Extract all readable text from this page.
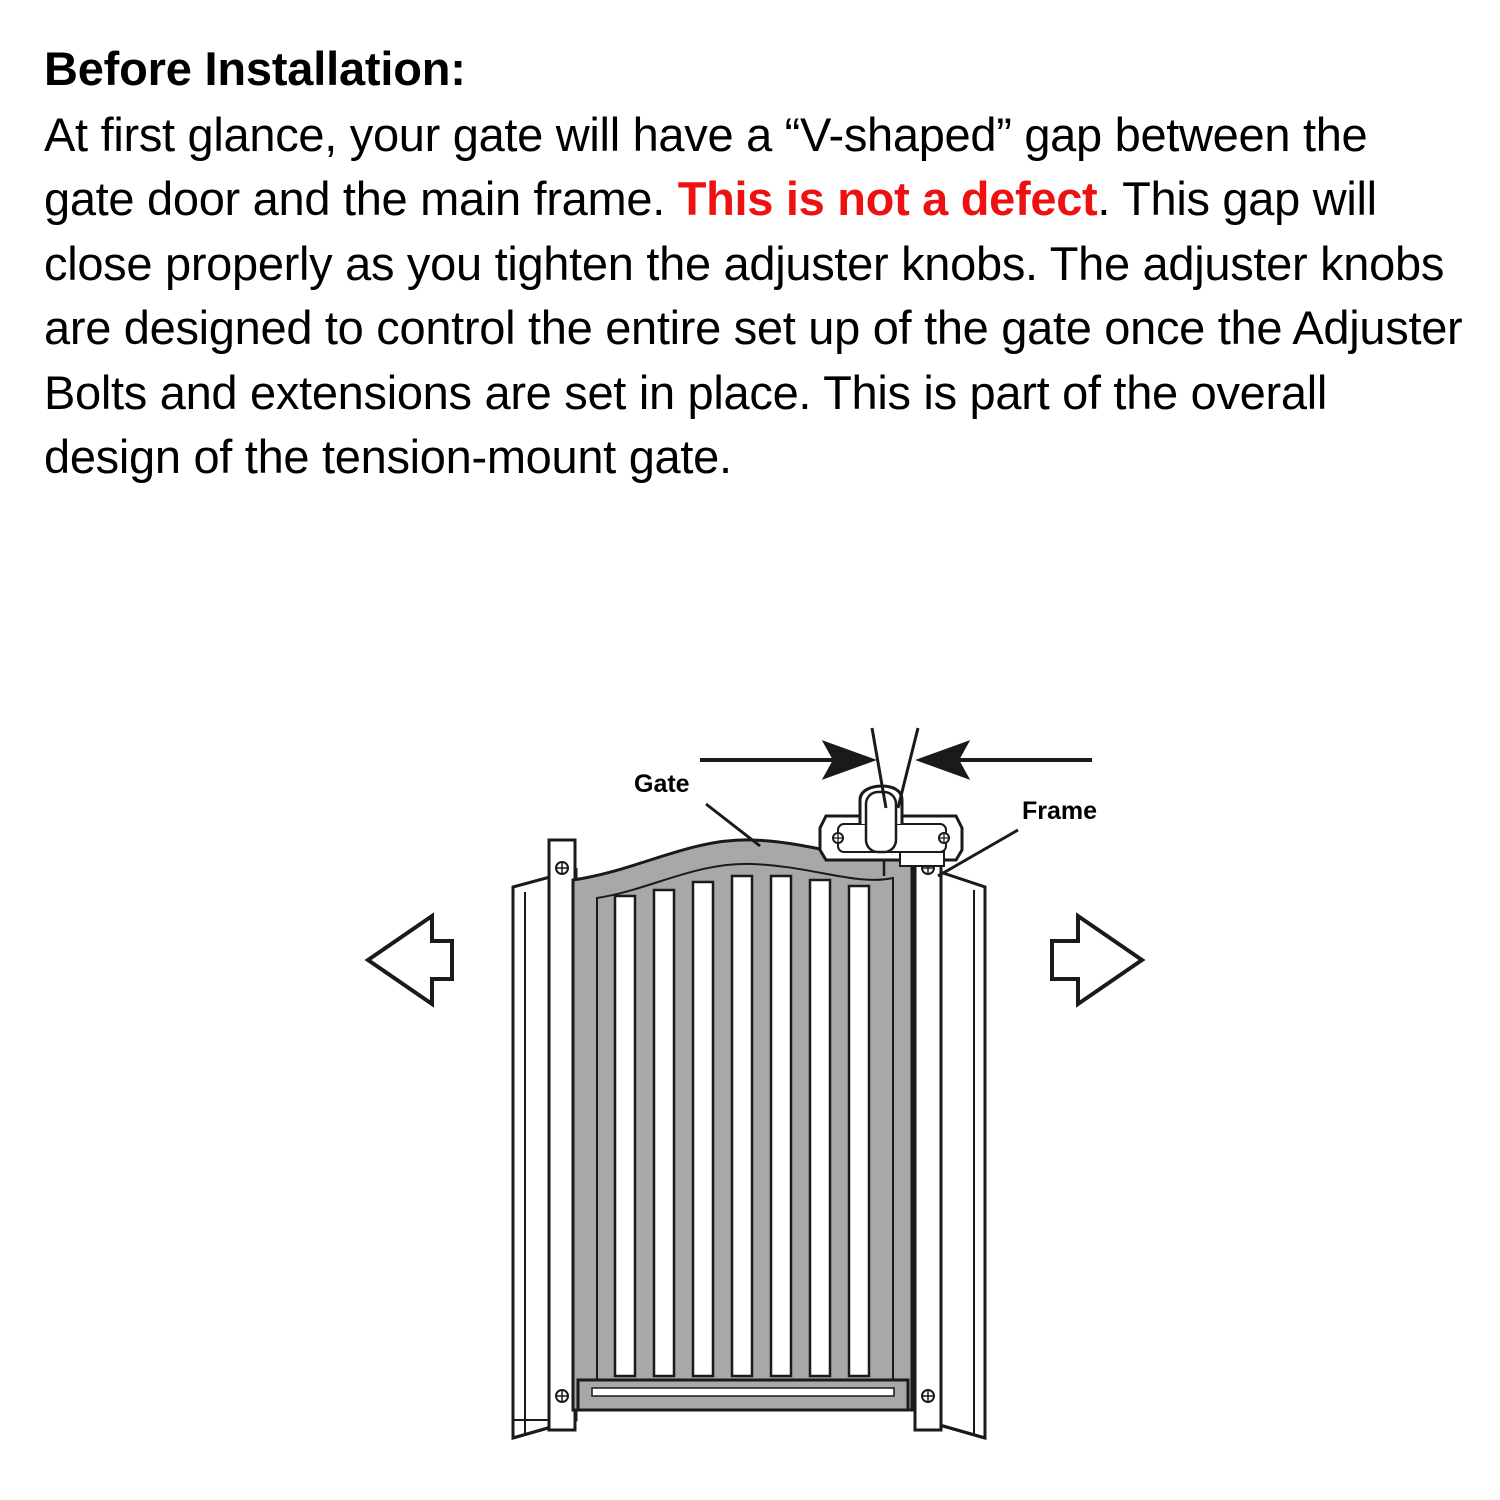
Before Installation:

At first glance, your gate will have a “V-shaped” gap between the gate door and the main frame. This is not a defect. This gap will close properly as you tighten the adjuster knobs. The adjuster knobs are designed to control the entire set up of the gate once the Adjuster Bolts and extensions are set in place. This is part of the overall design of the tension-mount gate.

Gate
Frame
